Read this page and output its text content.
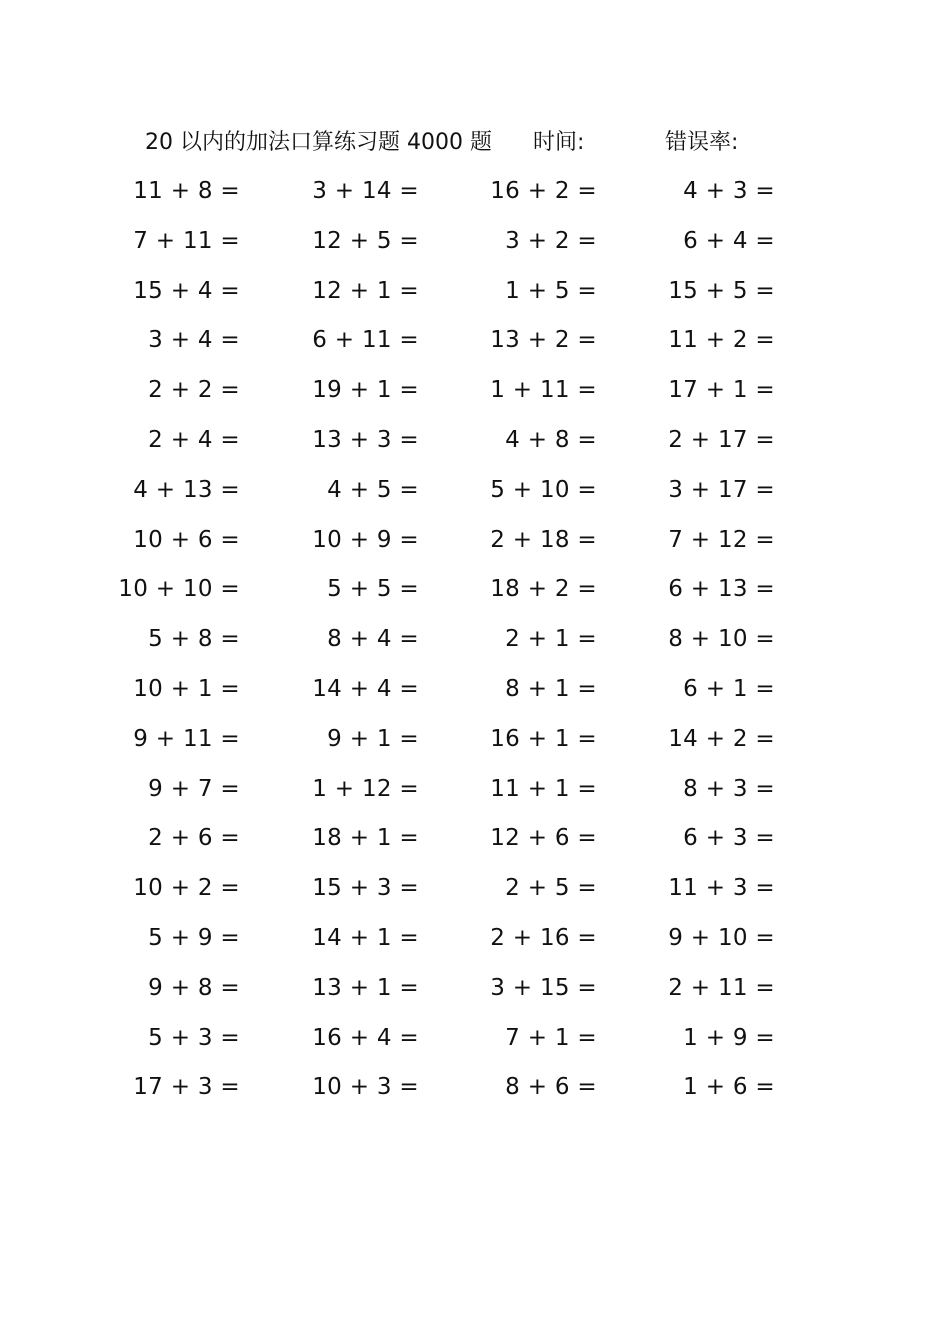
20 以内的加法口算练习题 4000 题 时间:	错误率:
11 + 8 =	3 + 14 =	16 + 2 =	4 + 3 =
7 + 11 =	12 + 5 =	3 + 2 =	6 + 4 =
15 + 4 =	12 + 1 =	1 + 5 =	15 + 5 =
3 + 4 =	6 + 11 =	13 + 2 =	11 + 2 =
2 + 2 =	19 + 1 =	1 + 11 =	17 + 1 =
2 + 4 =	13 + 3 =	4 + 8 =	2 + 17 =
4 + 13 =	4 + 5 =	5 + 10 =	3 + 17 =
10 + 6 =	10 + 9 =	2 + 18 =	7 + 12 =
10 + 10 =	5 + 5 =	18 + 2 =	6 + 13 =
5 + 8 =	8 + 4 =	2 + 1 =	8 + 10 =
10 + 1 =	14 + 4 =	8 + 1 =	6 + 1 =
9 + 11 =	9 + 1 =	16 + 1 =	14 + 2 =
9 + 7 =	1 + 12 =	11 + 1 =	8 + 3 =
2 + 6 =	18 + 1 =	12 + 6 =	6 + 3 =
10 + 2 =	15 + 3 =	2 + 5 =	11 + 3 =
5 + 9 =	14 + 1 =	2 + 16 =	9 + 10 =
9 + 8 =	13 + 1 =	3 + 15 =	2 + 11 =
5 + 3 =	16 + 4 =	7 + 1 =	1 + 9 =
17 + 3 =	10 + 3 =	8 + 6 =	1 + 6 =
